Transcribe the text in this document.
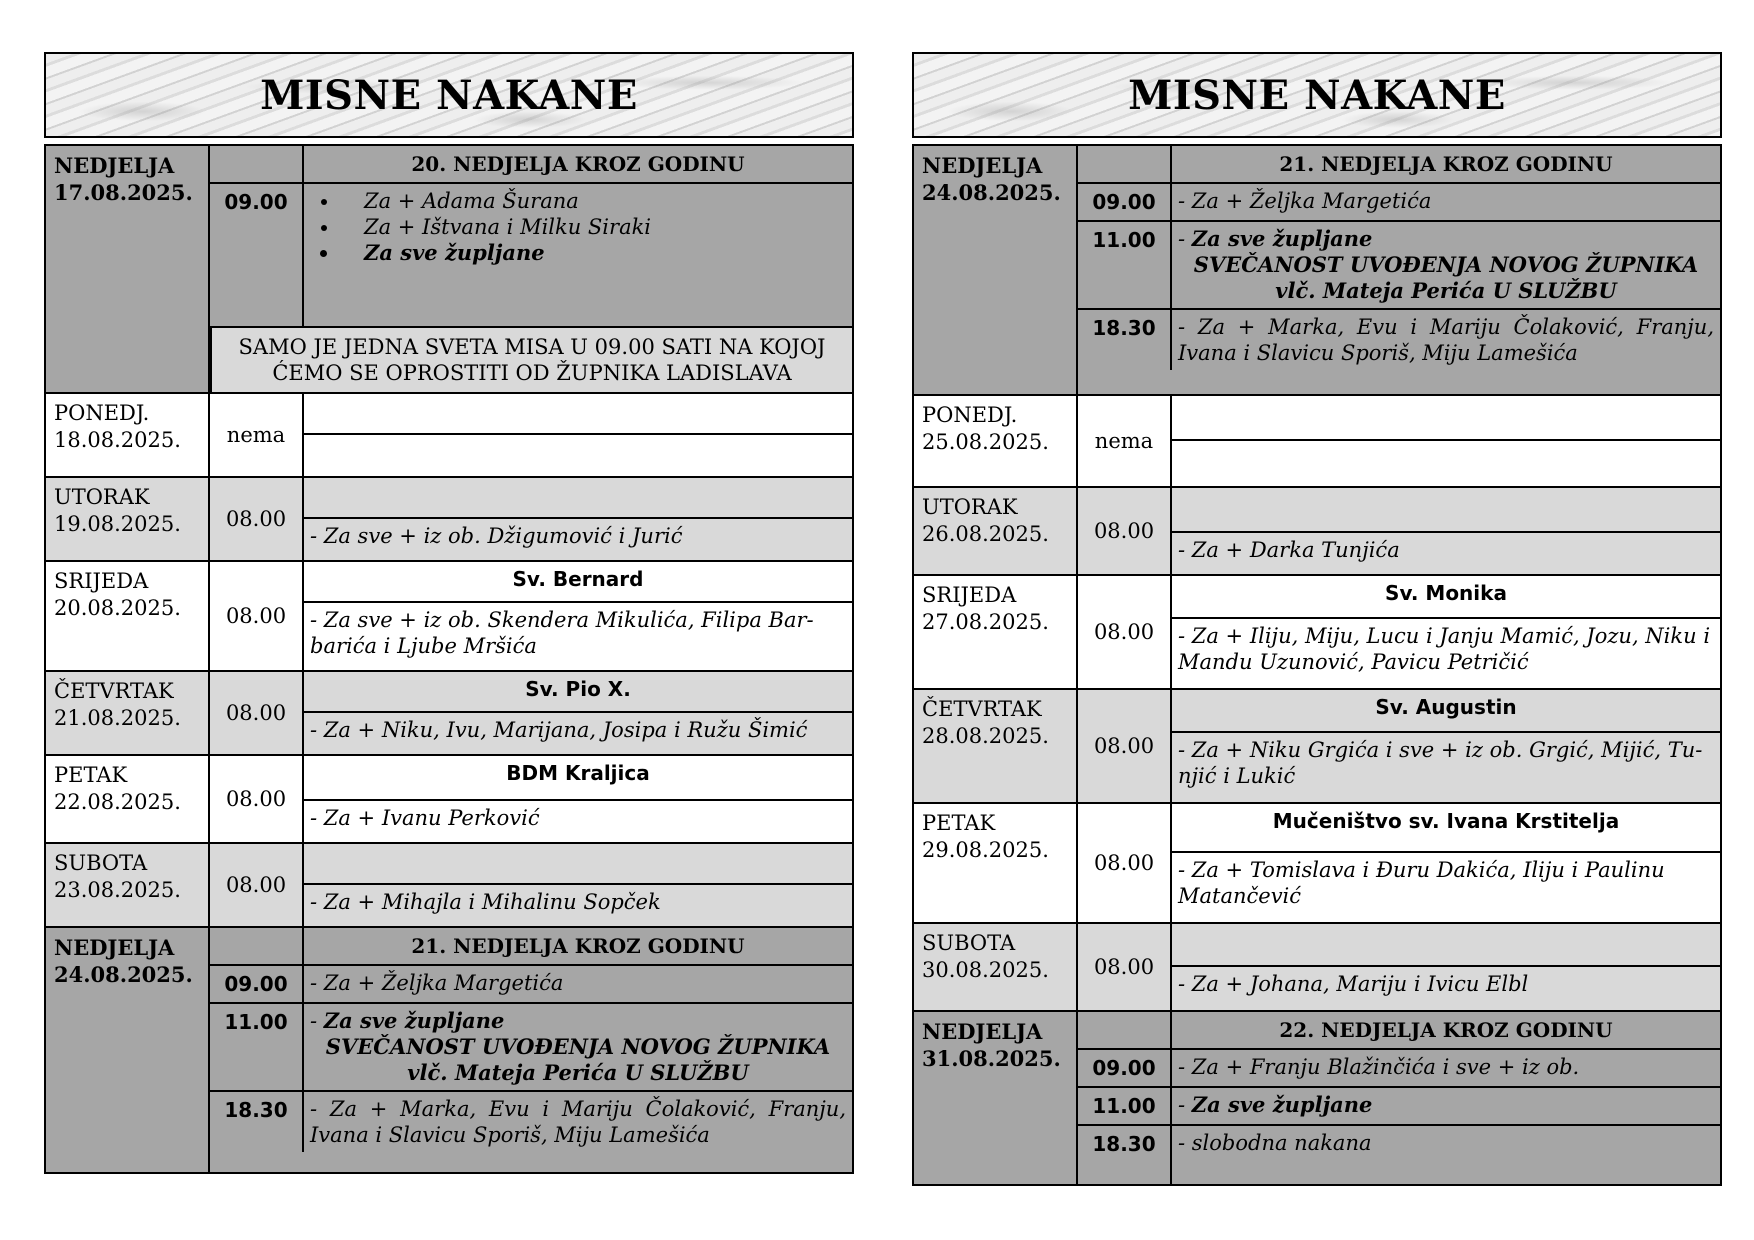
MISNE NAKANE
NEDJELJA
17.08.2025.
20. NEDJELJA KROZ GODINU
09.00
•	Za + Adama Šurana
• Za + Ištvana i Milku Siraki
• Za sve župljane
SAMO JE JEDNA SVETA MISA U 09.00 SATI NA KOJOJ ĆEMO SE OPROSTITI OD ŽUPNIKA LADISLAVA
PONEDJ.
18.08.2025.	nema
UTORAK
19.08.2025.	08.00
- Za sve + iz ob. Džigumović i Jurić
SRIJEDA
20.08.2025.	08.00
Sv. Bernard
- Za sve + iz ob. Skendera Mikulića, Filipa Bar-barića i Ljube Mršića
ČETVRTAK
21.08.2025.	08.00
Sv. Pio X.
- Za + Niku, Ivu, Marijana, Josipa i Ružu Šimić
PETAK
22.08.2025.	08.00
BDM Kraljica
- Za + Ivanu Perković
SUBOTA
23.08.2025.	08.00
- Za + Mihajla i Mihalinu Sopček
NEDJELJA
24.08.2025.
21. NEDJELJA KROZ GODINU
09.00	- Za + Željka Margetića
11.00	- Za sve župljane
SVEČANOST UVOĐENJA NOVOG ŽUPNIKA
vlč. Mateja Perića U SLUŽBU
18.30	- Za + Marka, Evu i Mariju Čolaković, Franju, Ivana i Slavicu Sporiš, Miju Lamešića
MISNE NAKANE
NEDJELJA
24.08.2025.
21. NEDJELJA KROZ GODINU
09.00	- Za + Željka Margetića
11.00	- Za sve župljane
SVEČANOST UVOĐENJA NOVOG ŽUPNIKA
vlč. Mateja Perića U SLUŽBU
18.30	- Za + Marka, Evu i Mariju Čolaković, Franju, Ivana i Slavicu Sporiš, Miju Lamešića
PONEDJ.
25.08.2025.	nema
UTORAK
26.08.2025.	08.00
- Za + Darka Tunjića
SRIJEDA
27.08.2025.	08.00
Sv. Monika
- Za + Iliju, Miju, Lucu i Janju Mamić, Jozu, Niku i Mandu Uzunović, Pavicu Petričić
ČETVRTAK
28.08.2025.	08.00
Sv. Augustin
- Za + Niku Grgića i sve + iz ob. Grgić, Mijić, Tu-njić i Lukić
PETAK
29.08.2025.
08.00
Mučeništvo sv. Ivana Krstitelja
- Za + Tomislava i Đuru Dakića, Iliju i Paulinu Matančević
SUBOTA
30.08.2025.	08.00
- Za + Johana, Mariju i Ivicu Elbl
NEDJELJA
31.08.2025.
22. NEDJELJA KROZ GODINU
09.00	- Za + Franju Blažinčića i sve + iz ob.
11.00	- Za sve župljane
18.30	- slobodna nakana
